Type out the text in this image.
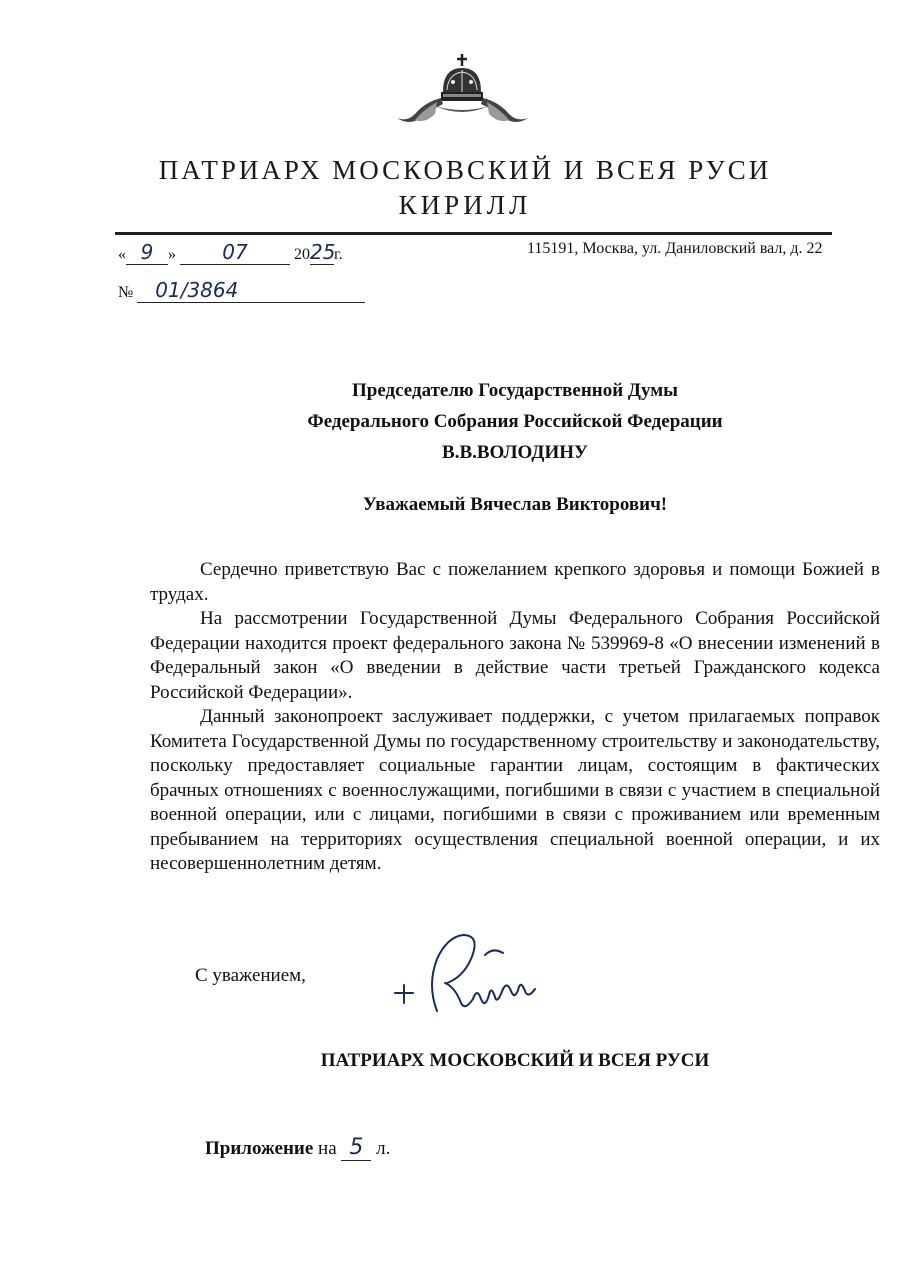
ПАТРИАРХ МОСКОВСКИЙ И ВСЕЯ РУСИ
КИРИЛЛ
« 9 » 07	2025г.	115191, Москва, ул. Даниловский вал, д. 22
№ 01/3864
Председателю Государственной Думы
Федерального Собрания Российской Федерации
В.В.ВОЛОДИНУ
Уважаемый Вячеслав Викторович!

Сердечно приветствую Вас с пожеланием крепкого здоровья и помощи Божией в трудах.

На рассмотрении Государственной Думы Федерального Собрания Российской Федерации находится проект федерального закона № 539969-8 «О внесении изменений в Федеральный закон «О введении в действие части третьей Гражданского кодекса Российской Федерации».

Данный законопроект заслуживает поддержки, с учетом прилагаемых поправок Комитета Государственной Думы по государственному строительству и законодательству, поскольку предоставляет социальные гарантии лицам, состоящим в фактических брачных отношениях с военнослужащими, погибшими в связи с участием в специальной военной операции, или с лицами, погибшими в связи с проживанием или временным пребыванием на территориях осуществления специальной военной операции, и их несовершеннолетним детям.

С уважением,
ПАТРИАРХ МОСКОВСКИЙ И ВСЕЯ РУСИ
Приложение на 5 л.
